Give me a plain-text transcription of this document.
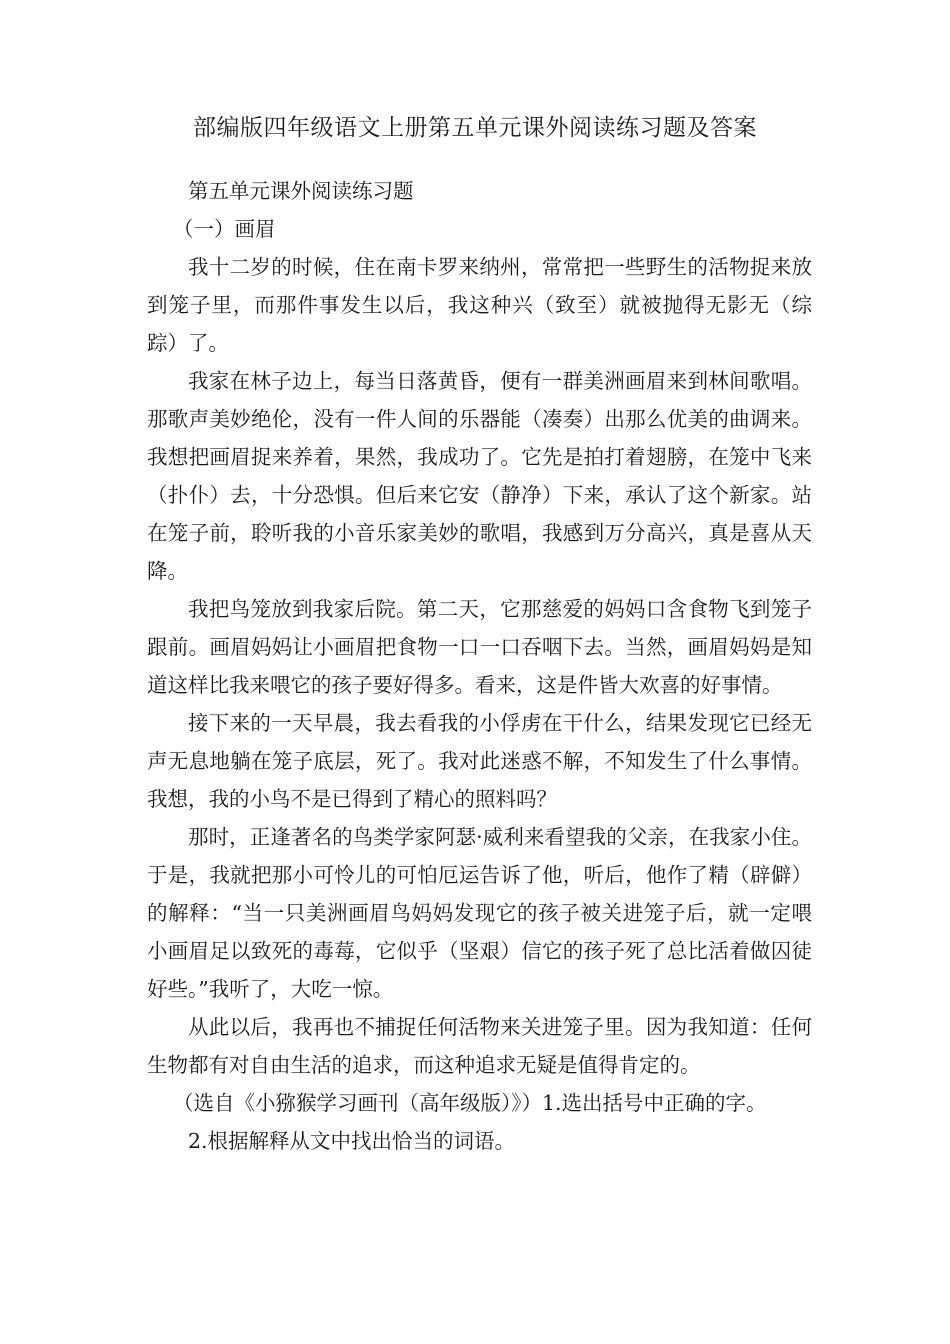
部编版四年级语文上册第五单元课外阅读练习题及答案

第五单元课外阅读练习题

（一）画眉

我十二岁的时候，住在南卡罗来纳州，常常把一些野生的活物捉来放到笼子里，而那件事发生以后，我这种兴（致至）就被抛得无影无（综踪）了。

我家在林子边上，每当日落黄昏，便有一群美洲画眉来到林间歌唱。那歌声美妙绝伦，没有一件人间的乐器能（凑奏）出那么优美的曲调来。我想把画眉捉来养着，果然，我成功了。它先是拍打着翅膀，在笼中飞来（扑仆）去，十分恐惧。但后来它安（静净）下来，承认了这个新家。站在笼子前，聆听我的小音乐家美妙的歌唱，我感到万分高兴，真是喜从天降。

我把鸟笼放到我家后院。第二天，它那慈爱的妈妈口含食物飞到笼子跟前。画眉妈妈让小画眉把食物一口一口吞咽下去。当然，画眉妈妈是知道这样比我来喂它的孩子要好得多。看来，这是件皆大欢喜的好事情。

接下来的一天早晨，我去看我的小俘虏在干什么，结果发现它已经无声无息地躺在笼子底层，死了。我对此迷惑不解，不知发生了什么事情。我想，我的小鸟不是已得到了精心的照料吗？

那时，正逢著名的鸟类学家阿瑟·威利来看望我的父亲，在我家小住。于是，我就把那小可怜儿的可怕厄运告诉了他，听后，他作了精（辟僻）的解释：“当一只美洲画眉鸟妈妈发现它的孩子被关进笼子后，就一定喂小画眉足以致死的毒莓，它似乎（坚艰）信它的孩子死了总比活着做囚徒好些。”我听了，大吃一惊。

从此以后，我再也不捕捉任何活物来关进笼子里。因为我知道：任何生物都有对自由生活的追求，而这种追求无疑是值得肯定的。

（选自《小猕猴学习画刊（高年级版）》）1.选出括号中正确的字。

2.根据解释从文中找出恰当的词语。
